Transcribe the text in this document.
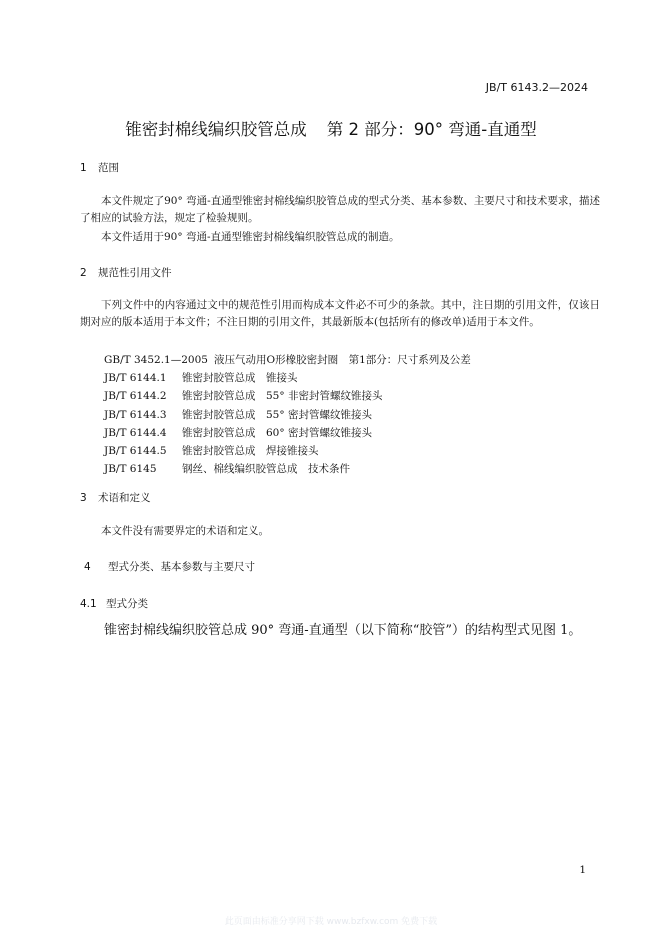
JB/T 6143.2—2024
锥密封棉线编织胶管总成 第 2 部分：90° 弯通-直通型
1 范围

本文件规定了90° 弯通-直通型锥密封棉线编织胶管总成的型式分类、基本参数、主要尺寸和技术要求，描述了相应的试验方法，规定了检验规则。

本文件适用于90° 弯通-直通型锥密封棉线编织胶管总成的制造。

2 规范性引用文件

下列文件中的内容通过文中的规范性引用而构成本文件必不可少的条款。其中，注日期的引用文件，仅该日期对应的版本适用于本文件；不注日期的引用文件，其最新版本(包括所有的修改单)适用于本文件。

GB/T 3452.1—2005 液压气动用O形橡胶密封圈　第1部分：尺寸系列及公差
JB/T 6144.1 锥密封胶管总成　锥接头
JB/T 6144.2 锥密封胶管总成　55° 非密封管螺纹锥接头
JB/T 6144.3 锥密封胶管总成　55° 密封管螺纹锥接头
JB/T 6144.4 锥密封胶管总成　60° 密封管螺纹锥接头
JB/T 6144.5 锥密封胶管总成　焊接锥接头
JB/T 6145 钢丝、棉线编织胶管总成　技术条件
3 术语和定义

本文件没有需要界定的术语和定义。

4 型式分类、基本参数与主要尺寸
4.1 型式分类
锥密封棉线编织胶管总成 90° 弯通-直通型（以下简称“胶管”）的结构型式见图 1。
1
此页面由标准分享网下载 www.bzfxw.com 免费下载
